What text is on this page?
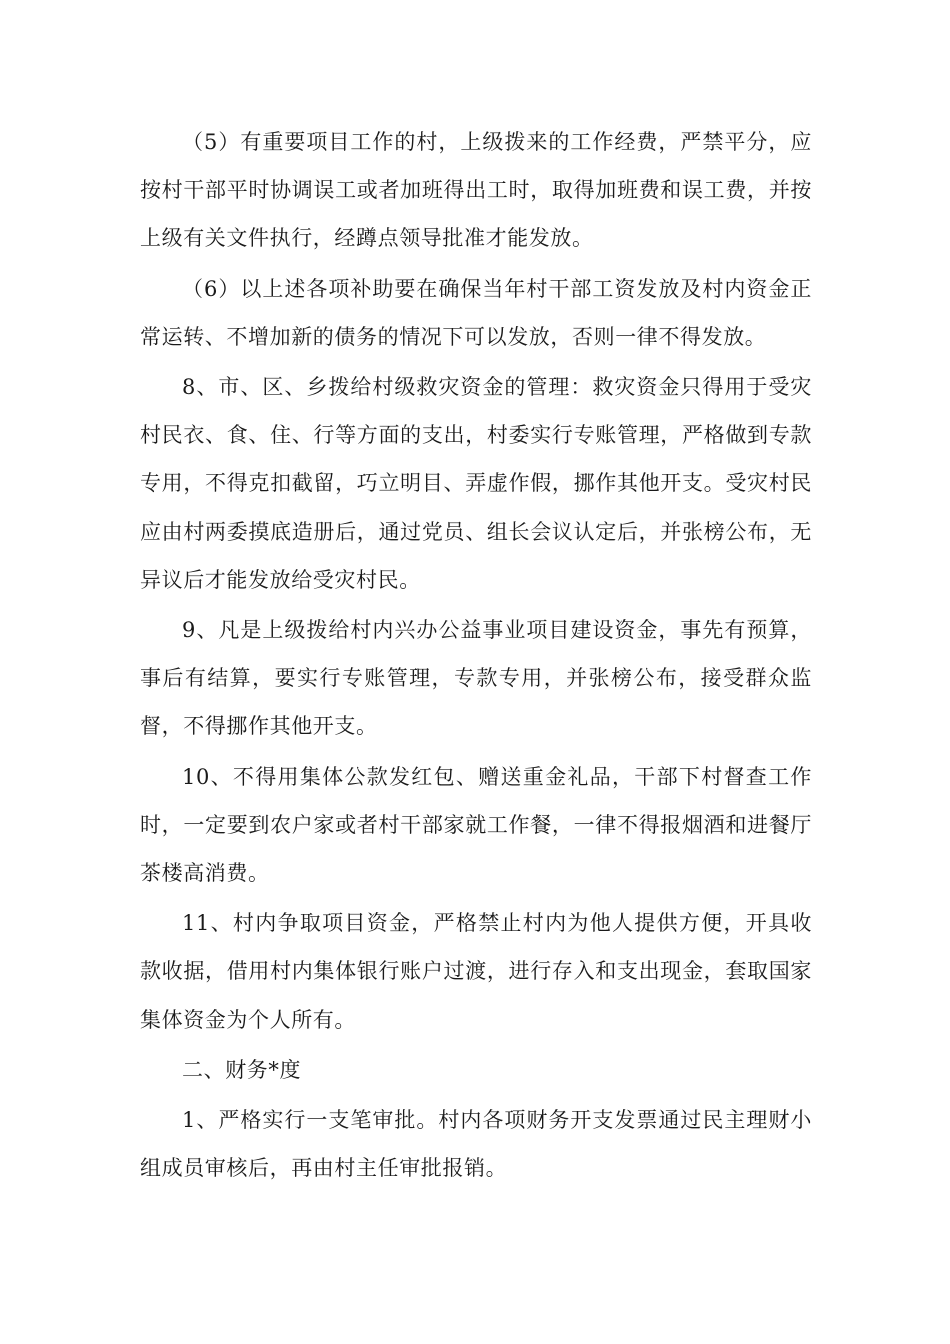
（5）有重要项目工作的村，上级拨来的工作经费，严禁平分，应按村干部平时协调误工或者加班得出工时，取得加班费和误工费，并按上级有关文件执行，经蹲点领导批准才能发放。

（6）以上述各项补助要在确保当年村干部工资发放及村内资金正常运转、不增加新的债务的情况下可以发放，否则一律不得发放。

8、市、区、乡拨给村级救灾资金的管理：救灾资金只得用于受灾村民衣、食、住、行等方面的支出，村委实行专账管理，严格做到专款专用，不得克扣截留，巧立明目、弄虚作假，挪作其他开支。受灾村民应由村两委摸底造册后，通过党员、组长会议认定后，并张榜公布，无异议后才能发放给受灾村民。

9、凡是上级拨给村内兴办公益事业项目建设资金，事先有预算，事后有结算，要实行专账管理，专款专用，并张榜公布，接受群众监督，不得挪作其他开支。

10、不得用集体公款发红包、赠送重金礼品，干部下村督查工作时，一定要到农户家或者村干部家就工作餐，一律不得报烟酒和进餐厅茶楼高消费。

11、村内争取项目资金，严格禁止村内为他人提供方便，开具收款收据，借用村内集体银行账户过渡，进行存入和支出现金，套取国家集体资金为个人所有。

二、财务*度

1、严格实行一支笔审批。村内各项财务开支发票通过民主理财小组成员审核后，再由村主任审批报销。
